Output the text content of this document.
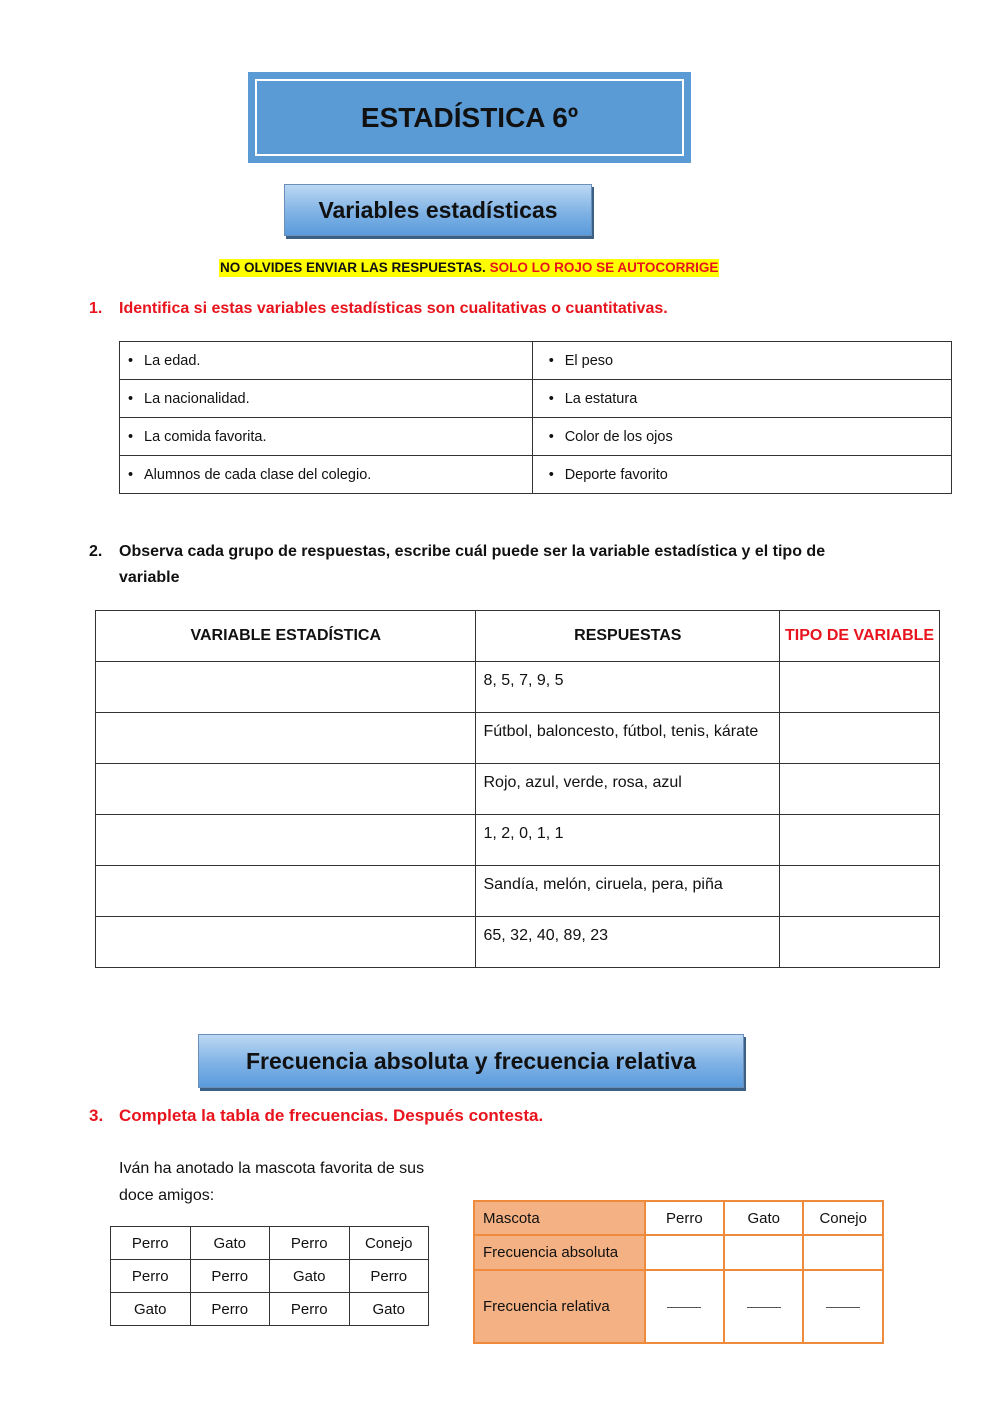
ESTADÍSTICA 6º
Variables estadísticas
NO OLVIDES ENVIAR LAS RESPUESTAS. SOLO LO ROJO SE AUTOCORRIGE
1. Identifica si estas variables estadísticas son cualitativas o cuantitativas.
• La edad.	• El peso
• La nacionalidad.	• La estatura
• La comida favorita.	• Color de los ojos
• Alumnos de cada clase del colegio.	• Deporte favorito
2. Observa cada grupo de respuestas, escribe cuál puede ser la variable estadística y el tipo de variable
VARIABLE ESTADÍSTICA	RESPUESTAS	TIPO DE VARIABLE
	8, 5, 7, 9, 5	
	Fútbol, baloncesto, fútbol, tenis, kárate	
	Rojo, azul, verde, rosa, azul	
	1, 2, 0, 1, 1	
	Sandía, melón, ciruela, pera, piña	
	65, 32, 40, 89, 23	
Frecuencia absoluta y frecuencia relativa
3. Completa la tabla de frecuencias. Después contesta.
Iván ha anotado la mascota favorita de sus doce amigos:
Perro	Gato	Perro	Conejo
Perro	Perro	Gato	Perro
Gato	Perro	Perro	Gato
Mascota	Perro	Gato	Conejo
Frecuencia absoluta			
Frecuencia relativa			
